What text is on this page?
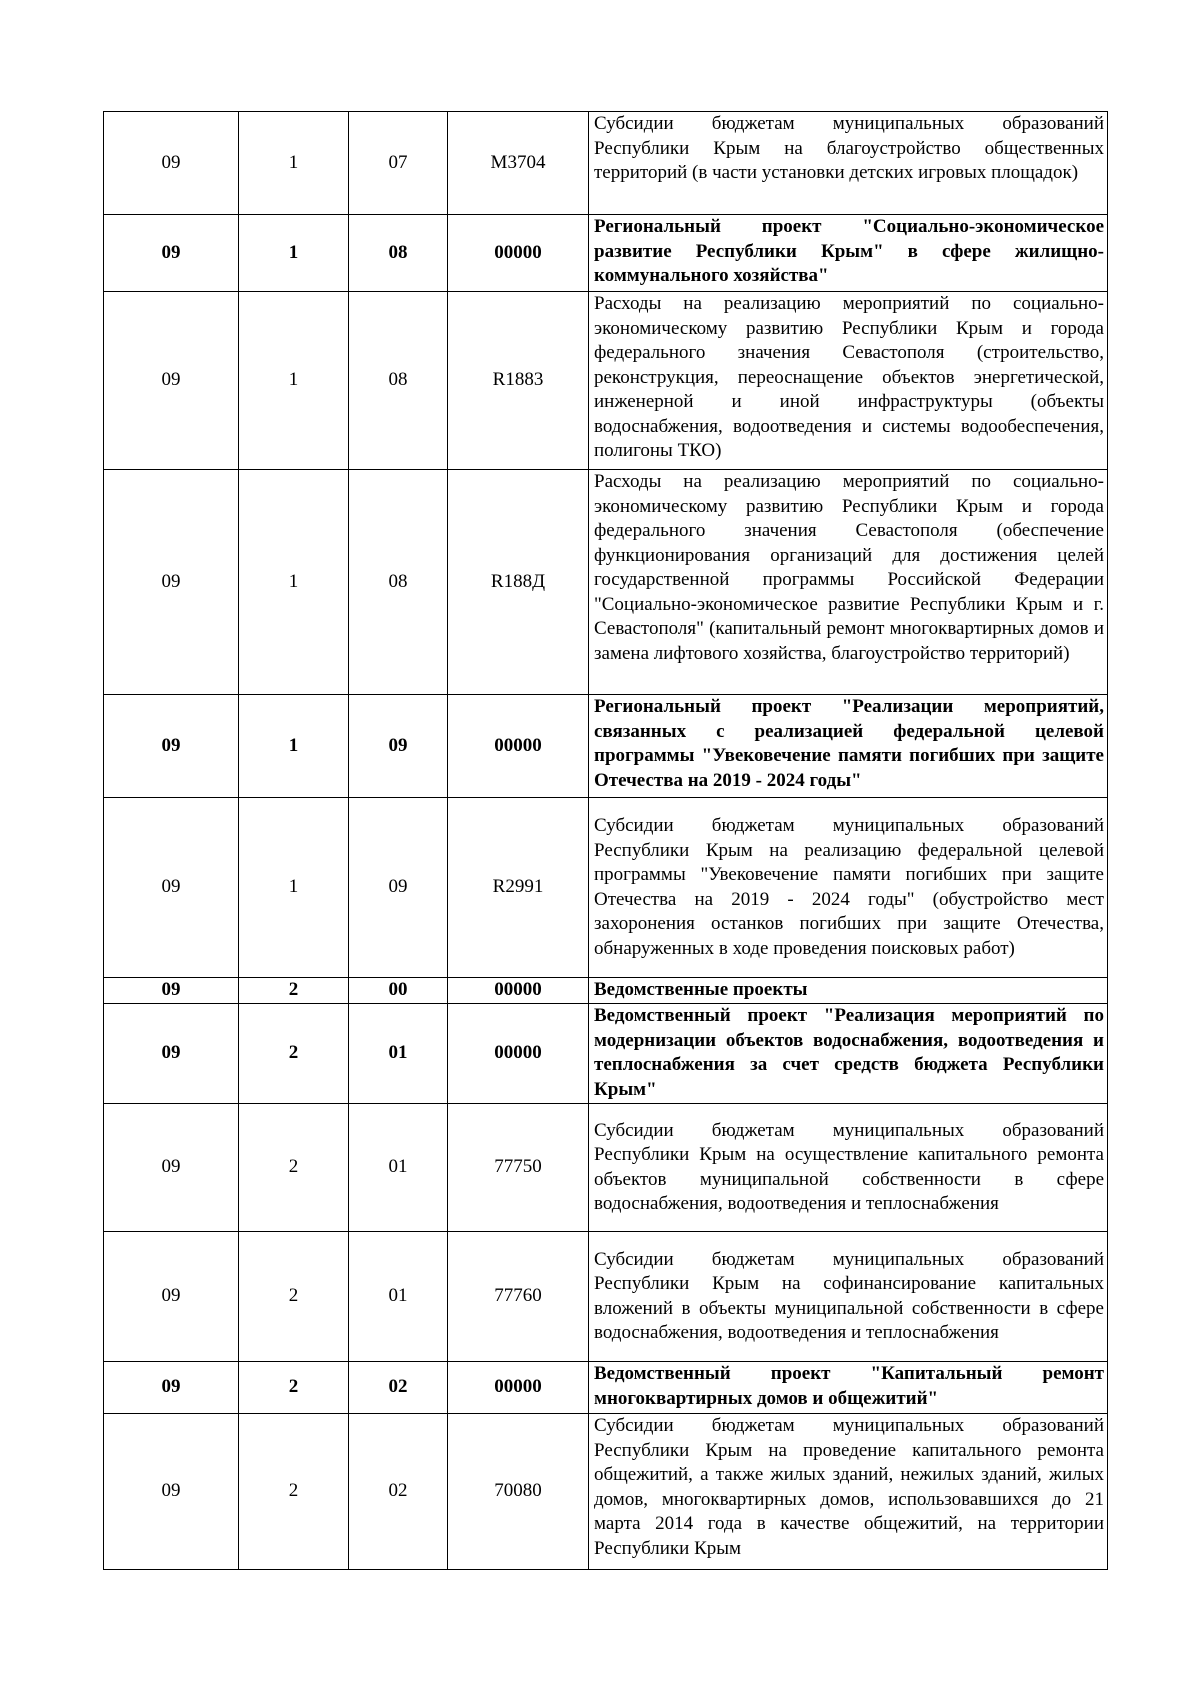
09	1	07	M3704	Субсидии бюджетам муниципальных образований Республики Крым на благоустройство общественных территорий (в части установки детских игровых площадок)

09	1	08	00000	Региональный проект "Социально-экономическое развитие Республики Крым" в сфере жилищно-коммунального хозяйства"

09	1	08	R1883	Расходы на реализацию мероприятий по социально-экономическому развитию Республики Крым и города федерального значения Севастополя (строительство, реконструкция, переоснащение объектов энергетической, инженерной и иной инфраструктуры (объекты водоснабжения, водоотведения и системы водообеспечения, полигоны ТКО)

09	1	08	R188Д	Расходы на реализацию мероприятий по социально-экономическому развитию Республики Крым и города федерального значения Севастополя (обеспечение функционирования организаций для достижения целей государственной программы Российской Федерации "Социально-экономическое развитие Республики Крым и г. Севастополя" (капитальный ремонт многоквартирных домов и замена лифтового хозяйства, благоустройство территорий)

09	1	09	00000	Региональный проект "Реализации мероприятий, связанных с реализацией федеральной целевой программы "Увековечение памяти погибших при защите Отечества на 2019 - 2024 годы"

09	1	09	R2991	Субсидии бюджетам муниципальных образований Республики Крым на реализацию федеральной целевой программы "Увековечение памяти погибших при защите Отечества на 2019 - 2024 годы" (обустройство мест захоронения останков погибших при защите Отечества, обнаруженных в ходе проведения поисковых работ)

09	2	00	00000	Ведомственные проекты

09	2	01	00000	Ведомственный проект "Реализация мероприятий по модернизации объектов водоснабжения, водоотведения и теплоснабжения за счет средств бюджета Республики Крым"

09	2	01	77750	Субсидии бюджетам муниципальных образований Республики Крым на осуществление капитального ремонта объектов муниципальной собственности в сфере водоснабжения, водоотведения и теплоснабжения

09	2	01	77760	Субсидии бюджетам муниципальных образований Республики Крым на софинансирование капитальных вложений в объекты муниципальной собственности в сфере водоснабжения, водоотведения и теплоснабжения

09	2	02	00000	Ведомственный проект "Капитальный ремонт многоквартирных домов и общежитий"

09	2	02	70080	Субсидии бюджетам муниципальных образований Республики Крым на проведение капитального ремонта общежитий, а также жилых зданий, нежилых зданий, жилых домов, многоквартирных домов, использовавшихся до 21 марта 2014 года в качестве общежитий, на территории Республики Крым
